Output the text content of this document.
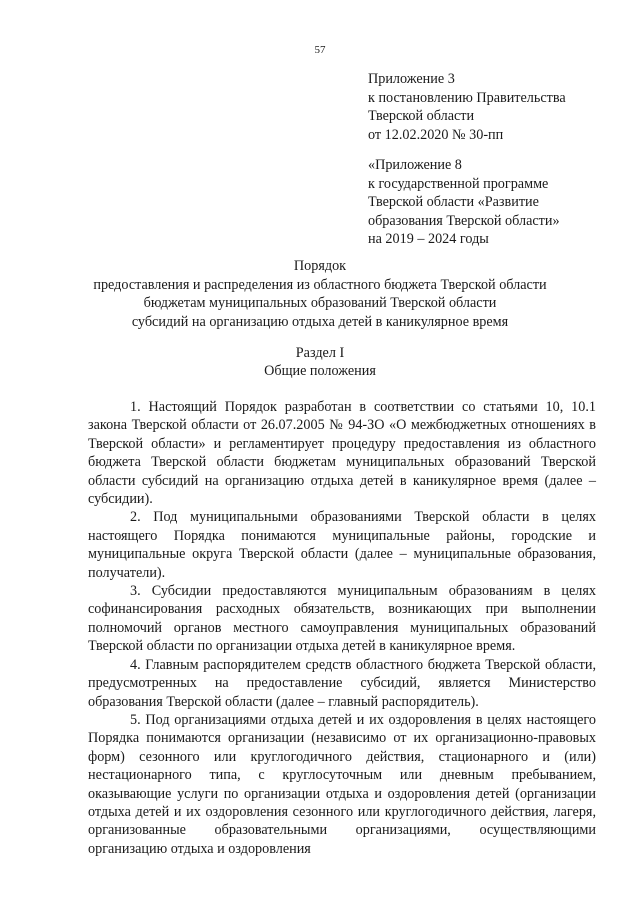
57
Приложение 3
к постановлению Правительства
Тверской области
от 12.02.2020 № 30-пп
«Приложение 8
к государственной программе
Тверской области «Развитие
образования Тверской области»
на 2019 – 2024 годы
Порядок
предоставления и распределения из областного бюджета Тверской области
бюджетам муниципальных образований Тверской области
субсидий на организацию отдыха детей в каникулярное время
Раздел I
Общие положения

1. Настоящий Порядок разработан в соответствии со статьями 10, 10.1 закона Тверской области от 26.07.2005 № 94-ЗО «О межбюджетных отношениях в Тверской области» и регламентирует процедуру предоставления из областного бюджета Тверской области бюджетам муниципальных образований Тверской области субсидий на организацию отдыха детей в каникулярное время (далее – субсидии).

2. Под муниципальными образованиями Тверской области в целях настоящего Порядка понимаются муниципальные районы, городские и муниципальные округа Тверской области (далее – муниципальные образования, получатели).

3. Субсидии предоставляются муниципальным образованиям в целях софинансирования расходных обязательств, возникающих при выполнении полномочий органов местного самоуправления муниципальных образований Тверской области по организации отдыха детей в каникулярное время.

4. Главным распорядителем средств областного бюджета Тверской области, предусмотренных на предоставление субсидий, является Министерство образования Тверской области (далее – главный распорядитель).

5. Под организациями отдыха детей и их оздоровления в целях настоящего Порядка понимаются организации (независимо от их организационно-правовых форм) сезонного или круглогодичного действия, стационарного и (или) нестационарного типа, с круглосуточным или дневным пребыванием, оказывающие услуги по организации отдыха и оздоровления детей (организации отдыха детей и их оздоровления сезонного или круглогодичного действия, лагеря, организованные образовательными организациями, осуществляющими организацию отдыха и оздоровления
